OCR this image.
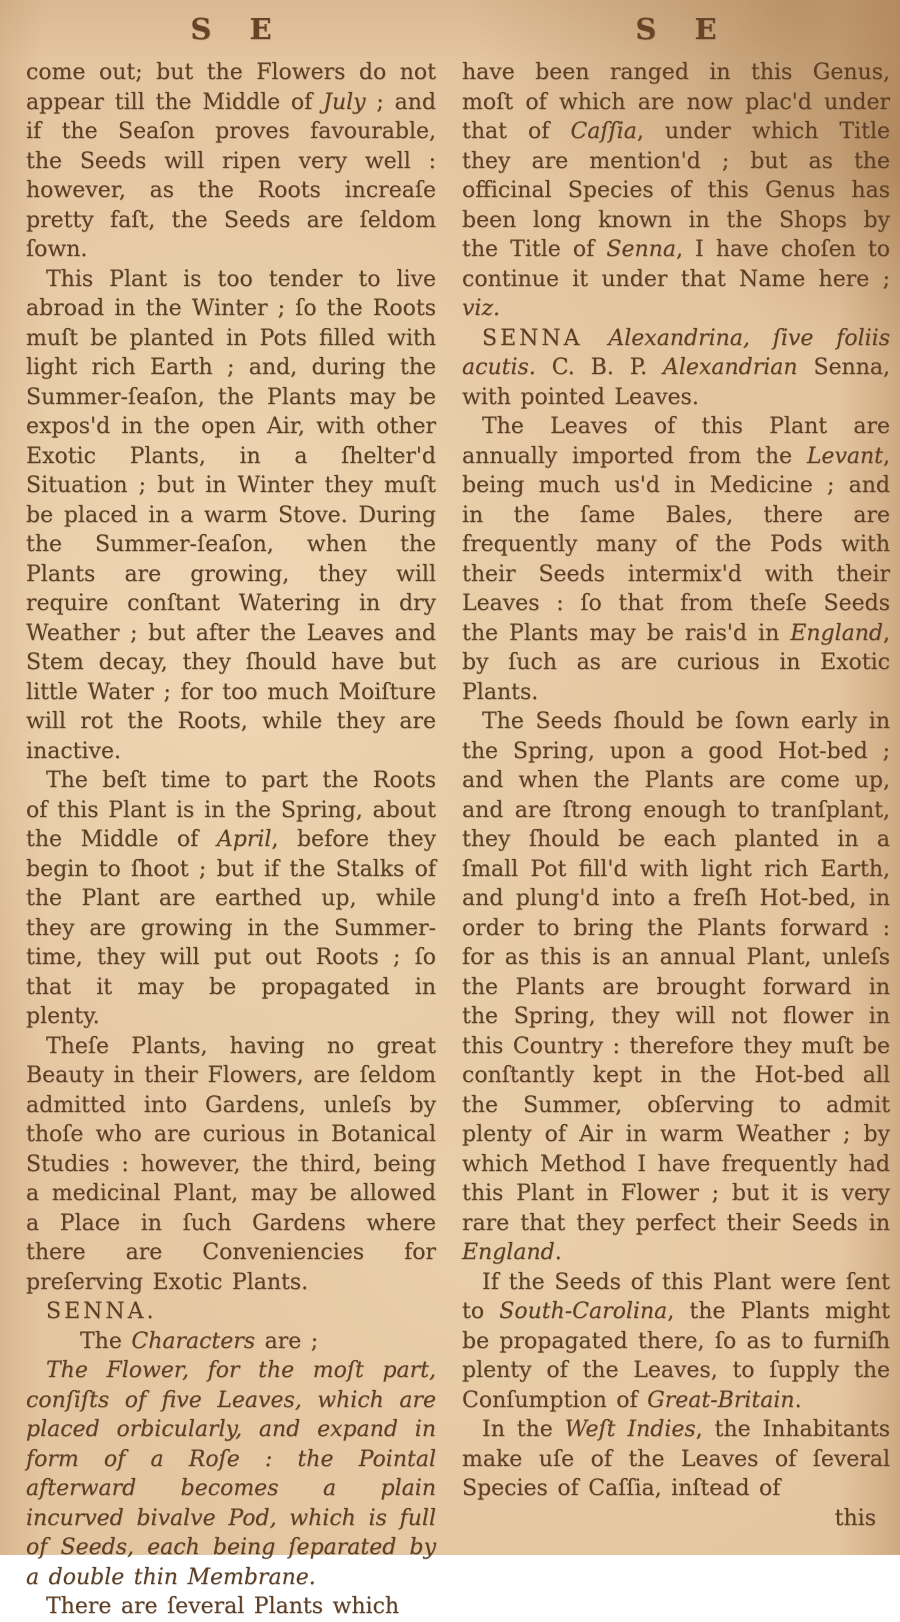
S E

come out; but the Flowers do not appear till the Middle of July ; and if the Seaſon proves favourable, the Seeds will ripen very well : however, as the Roots increaſe pretty faſt, the Seeds are ſeldom ſown.

This Plant is too tender to live abroad in the Winter ; ſo the Roots muſt be planted in Pots filled with light rich Earth ; and, during the Summer-ſeaſon, the Plants may be expos'd in the open Air, with other Exotic Plants, in a ſhelter'd Situation ; but in Winter they muſt be placed in a warm Stove. During the Summer-ſeaſon, when the Plants are growing, they will require conſtant Watering in dry Weather ; but after the Leaves and Stem decay, they ſhould have but little Water ; for too much Moiſture will rot the Roots, while they are inactive.

The beſt time to part the Roots of this Plant is in the Spring, about the Middle of April, before they begin to ſhoot ; but if the Stalks of the Plant are earthed up, while they are growing in the Summer-time, they will put out Roots ; ſo that it may be propagated in plenty.

Theſe Plants, having no great Beauty in their Flowers, are ſeldom admitted into Gardens, unleſs by thoſe who are curious in Botanical Studies : however, the third, being a medicinal Plant, may be allowed a Place in ſuch Gardens where there are Conveniencies for preſerving Exotic Plants.

SENNA.

The Characters are ;

The Flower, for the moſt part, conſiſts of five Leaves, which are placed orbicularly, and expand in form of a Roſe : the Pointal afterward becomes a plain incurved bivalve Pod, which is full of Seeds, each being ſeparated by a double thin Membrane.

There are ſeveral Plants which

S E

have been ranged in this Genus, moſt of which are now plac'd under that of Caſſia, under which Title they are mention'd ; but as the officinal Species of this Genus has been long known in the Shops by the Title of Senna, I have choſen to continue it under that Name here ; viz.

SENNA Alexandrina, ſive foliis acutis. C. B. P. Alexandrian Senna, with pointed Leaves.

The Leaves of this Plant are annually imported from the Levant, being much us'd in Medicine ; and in the ſame Bales, there are frequently many of the Pods with their Seeds intermix'd with their Leaves : ſo that from theſe Seeds the Plants may be rais'd in England, by ſuch as are curious in Exotic Plants.

The Seeds ſhould be ſown early in the Spring, upon a good Hot-bed ; and when the Plants are come up, and are ſtrong enough to tranſplant, they ſhould be each planted in a ſmall Pot fill'd with light rich Earth, and plung'd into a freſh Hot-bed, in order to bring the Plants forward : for as this is an annual Plant, unleſs the Plants are brought forward in the Spring, they will not flower in this Country : therefore they muſt be conſtantly kept in the Hot-bed all the Summer, obſerving to admit plenty of Air in warm Weather ; by which Method I have frequently had this Plant in Flower ; but it is very rare that they perfect their Seeds in England.

If the Seeds of this Plant were ſent to South-Carolina, the Plants might be propagated there, ſo as to furniſh plenty of the Leaves, to ſupply the Conſumption of Great-Britain.

In the Weſt Indies, the Inhabitants make uſe of the Leaves of ſeveral Species of Caſſia, inſtead of

this
